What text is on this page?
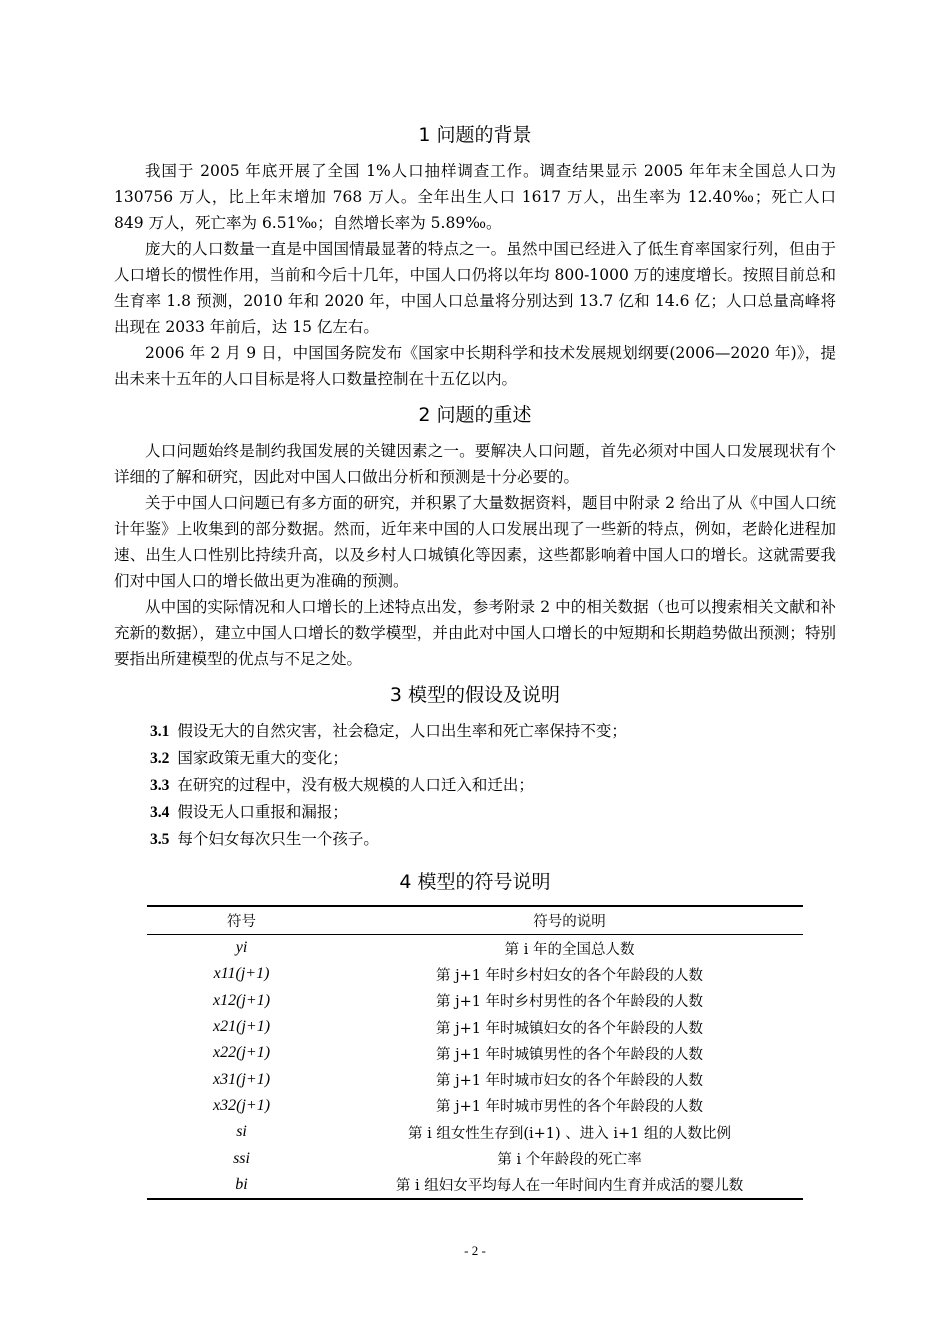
1 问题的背景

我国于 2005 年底开展了全国 1%人口抽样调查工作。调查结果显示 2005 年年末全国总人口为 130756 万人，比上年末增加 768 万人。全年出生人口 1617 万人，出生率为 12.40‰；死亡人口 849 万人，死亡率为 6.51‰；自然增长率为 5.89‰。

庞大的人口数量一直是中国国情最显著的特点之一。虽然中国已经进入了低生育率国家行列，但由于人口增长的惯性作用，当前和今后十几年，中国人口仍将以年均 800-1000 万的速度增长。按照目前总和生育率 1.8 预测，2010 年和 2020 年，中国人口总量将分别达到 13.7 亿和 14.6 亿；人口总量高峰将出现在 2033 年前后，达 15 亿左右。

2006 年 2 月 9 日，中国国务院发布《国家中长期科学和技术发展规划纲要(2006—2020 年)》，提出未来十五年的人口目标是将人口数量控制在十五亿以内。

2 问题的重述

人口问题始终是制约我国发展的关键因素之一。要解决人口问题，首先必须对中国人口发展现状有个详细的了解和研究，因此对中国人口做出分析和预测是十分必要的。

关于中国人口问题已有多方面的研究，并积累了大量数据资料，题目中附录 2 给出了从《中国人口统计年鉴》上收集到的部分数据。然而，近年来中国的人口发展出现了一些新的特点，例如，老龄化进程加速、出生人口性别比持续升高，以及乡村人口城镇化等因素，这些都影响着中国人口的增长。这就需要我们对中国人口的增长做出更为准确的预测。

从中国的实际情况和人口增长的上述特点出发，参考附录 2 中的相关数据（也可以搜索相关文献和补充新的数据），建立中国人口增长的数学模型，并由此对中国人口增长的中短期和长期趋势做出预测；特别要指出所建模型的优点与不足之处。

3 模型的假设及说明
3.1 假设无大的自然灾害，社会稳定，人口出生率和死亡率保持不变；
3.2 国家政策无重大的变化；
3.3 在研究的过程中，没有极大规模的人口迁入和迁出；
3.4 假设无人口重报和漏报；
3.5 每个妇女每次只生一个孩子。
4 模型的符号说明
符号	符号的说明
yi	第 i 年的全国总人数
x11(j+1)	第 j+1 年时乡村妇女的各个年龄段的人数
x12(j+1)	第 j+1 年时乡村男性的各个年龄段的人数
x21(j+1)	第 j+1 年时城镇妇女的各个年龄段的人数
x22(j+1)	第 j+1 年时城镇男性的各个年龄段的人数
x31(j+1)	第 j+1 年时城市妇女的各个年龄段的人数
x32(j+1)	第 j+1 年时城市男性的各个年龄段的人数
si	第 i 组女性生存到(i+1) 、进入 i+1 组的人数比例
ssi	第 i 个年龄段的死亡率
bi	第 i 组妇女平均每人在一年时间内生育并成活的婴儿数
- 2 -
